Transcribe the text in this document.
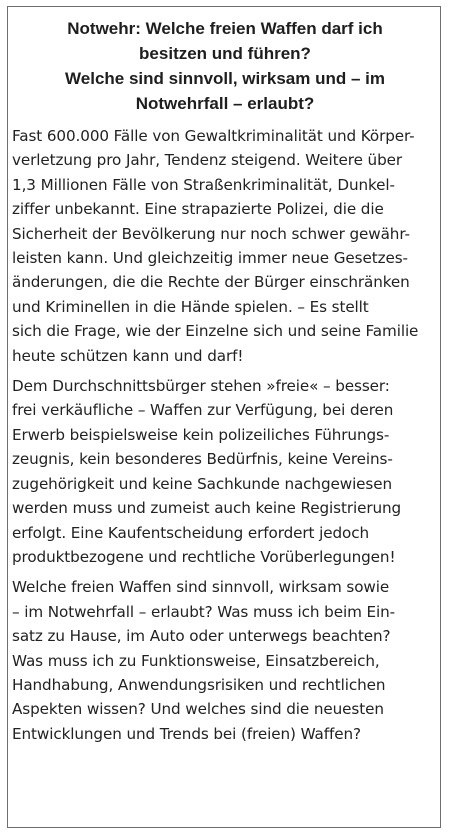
Notwehr: Welche freien Waffen darf ich
besitzen und führen?
Welche sind sinnvoll, wirksam und – im
Notwehrfall – erlaubt?

Fast 600.000 Fälle von Gewaltkriminalität und Körper-
verletzung pro Jahr, Tendenz steigend. Weitere über
1,3 Millionen Fälle von Straßenkriminalität, Dunkel-
ziffer unbekannt. Eine strapazierte Polizei, die die
Sicherheit der Bevölkerung nur noch schwer gewähr-
leisten kann. Und gleichzeitig immer neue Gesetzes-
änderungen, die die Rechte der Bürger einschränken
und Kriminellen in die Hände spielen. – Es stellt
sich die Frage, wie der Einzelne sich und seine Familie
heute schützen kann und darf!

Dem Durchschnittsbürger stehen »freie« – besser:
frei verkäufliche – Waffen zur Verfügung, bei deren
Erwerb beispielsweise kein polizeiliches Führungs-
zeugnis, kein besonderes Bedürfnis, keine Vereins-
zugehörigkeit und keine Sachkunde nachgewiesen
werden muss und zumeist auch keine Registrierung
erfolgt. Eine Kaufentscheidung erfordert jedoch
produktbezogene und rechtliche Vorüberlegungen!

Welche freien Waffen sind sinnvoll, wirksam sowie
– im Notwehrfall – erlaubt? Was muss ich beim Ein-
satz zu Hause, im Auto oder unterwegs beachten?
Was muss ich zu Funktionsweise, Einsatzbereich,
Handhabung, Anwendungsrisiken und rechtlichen
Aspekten wissen? Und welches sind die neuesten
Entwicklungen und Trends bei (freien) Waffen?
